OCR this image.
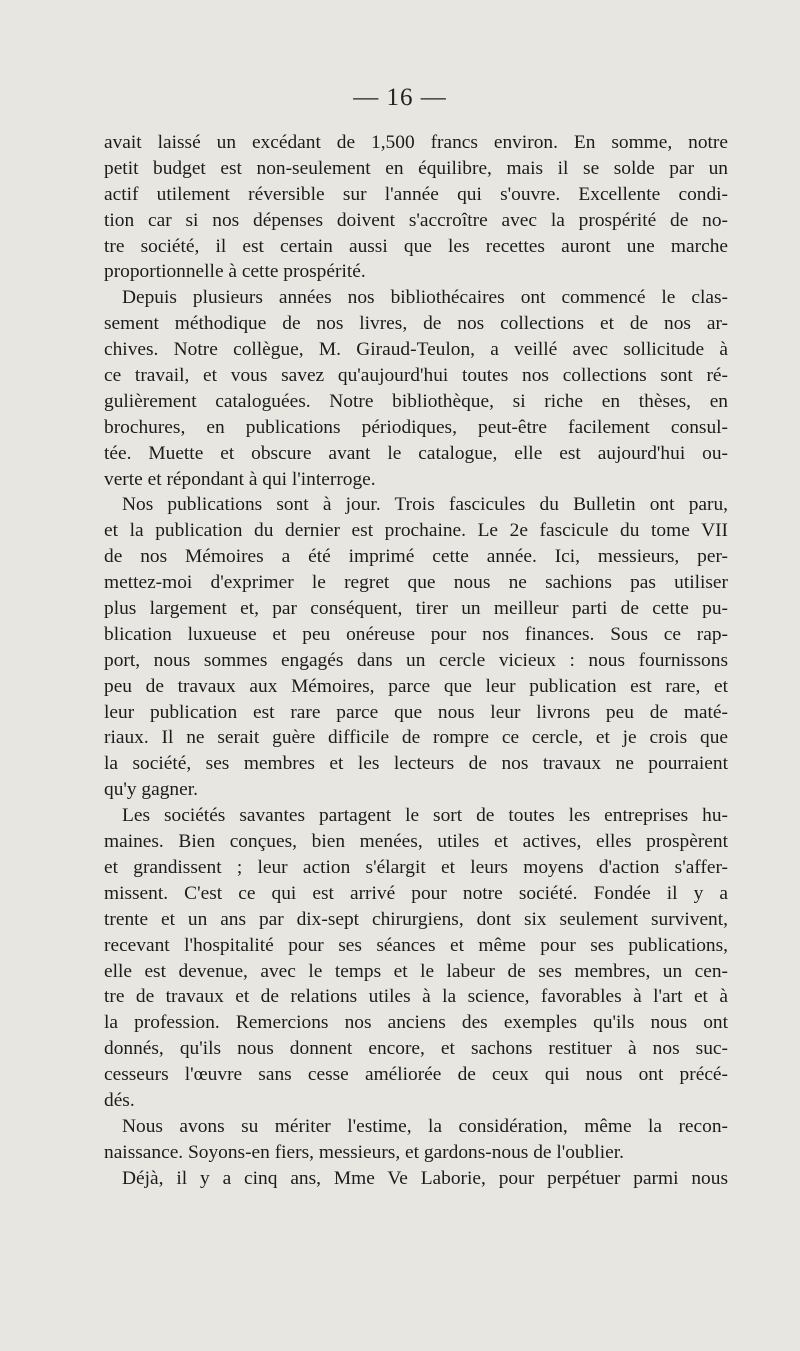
— 16 —
avait laissé un excédant de 1,500 francs environ. En somme, notre
petit budget est non-seulement en équilibre, mais il se solde par un
actif utilement réversible sur l'année qui s'ouvre. Excellente condi-
tion car si nos dépenses doivent s'accroître avec la prospérité de no-
tre société, il est certain aussi que les recettes auront une marche
proportionnelle à cette prospérité.
Depuis plusieurs années nos bibliothécaires ont commencé le clas-
sement méthodique de nos livres, de nos collections et de nos ar-
chives. Notre collègue, M. Giraud-Teulon, a veillé avec sollicitude à
ce travail, et vous savez qu'aujourd'hui toutes nos collections sont ré-
gulièrement cataloguées. Notre bibliothèque, si riche en thèses, en
brochures, en publications périodiques, peut-être facilement consul-
tée. Muette et obscure avant le catalogue, elle est aujourd'hui ou-
verte et répondant à qui l'interroge.
Nos publications sont à jour. Trois fascicules du Bulletin ont paru,
et la publication du dernier est prochaine. Le 2e fascicule du tome VII
de nos Mémoires a été imprimé cette année. Ici, messieurs, per-
mettez-moi d'exprimer le regret que nous ne sachions pas utiliser
plus largement et, par conséquent, tirer un meilleur parti de cette pu-
blication luxueuse et peu onéreuse pour nos finances. Sous ce rap-
port, nous sommes engagés dans un cercle vicieux : nous fournissons
peu de travaux aux Mémoires, parce que leur publication est rare, et
leur publication est rare parce que nous leur livrons peu de maté-
riaux. Il ne serait guère difficile de rompre ce cercle, et je crois que
la société, ses membres et les lecteurs de nos travaux ne pourraient
qu'y gagner.
Les sociétés savantes partagent le sort de toutes les entreprises hu-
maines. Bien conçues, bien menées, utiles et actives, elles prospèrent
et grandissent ; leur action s'élargit et leurs moyens d'action s'affer-
missent. C'est ce qui est arrivé pour notre société. Fondée il y a
trente et un ans par dix-sept chirurgiens, dont six seulement survivent,
recevant l'hospitalité pour ses séances et même pour ses publications,
elle est devenue, avec le temps et le labeur de ses membres, un cen-
tre de travaux et de relations utiles à la science, favorables à l'art et à
la profession. Remercions nos anciens des exemples qu'ils nous ont
donnés, qu'ils nous donnent encore, et sachons restituer à nos suc-
cesseurs l'œuvre sans cesse améliorée de ceux qui nous ont précé-
dés.
Nous avons su mériter l'estime, la considération, même la recon-
naissance. Soyons-en fiers, messieurs, et gardons-nous de l'oublier.
Déjà, il y a cinq ans, Mme Ve Laborie, pour perpétuer parmi nous
